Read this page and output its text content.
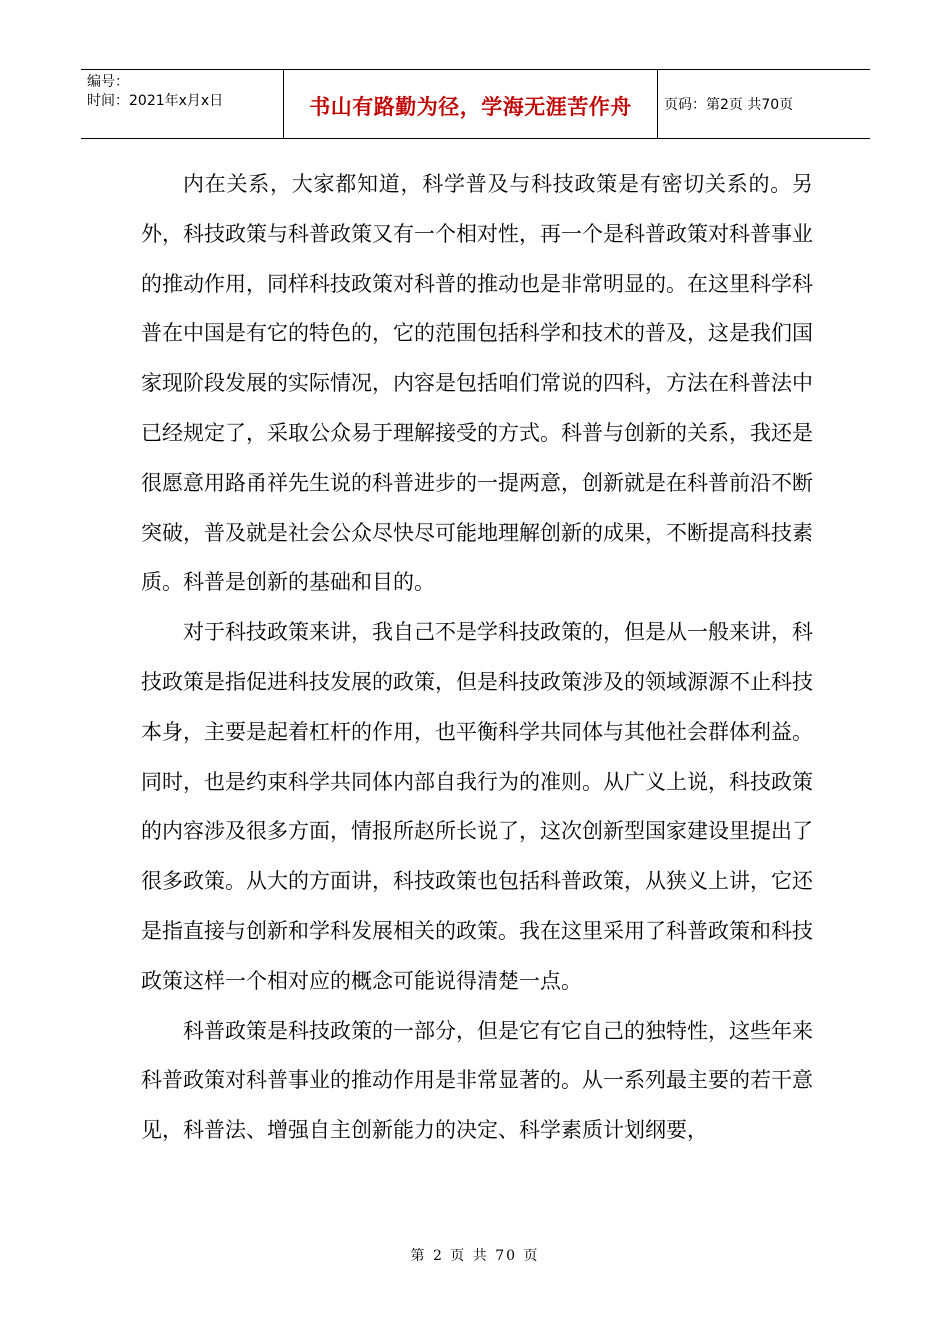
编号：
时间：2021年x月x日	书山有路勤为径，学海无涯苦作舟 页码：第2页 共70页

内在关系，大家都知道，科学普及与科技政策是有密切关系的。另外，科技政策与科普政策又有一个相对性，再一个是科普政策对科普事业的推动作用，同样科技政策对科普的推动也是非常明显的。在这里科学科普在中国是有它的特色的，它的范围包括科学和技术的普及，这是我们国家现阶段发展的实际情况，内容是包括咱们常说的四科，方法在科普法中已经规定了，采取公众易于理解接受的方式。科普与创新的关系，我还是很愿意用路甬祥先生说的科普进步的一提两意，创新就是在科普前沿不断突破，普及就是社会公众尽快尽可能地理解创新的成果，不断提高科技素质。科普是创新的基础和目的。

对于科技政策来讲，我自己不是学科技政策的，但是从一般来讲，科技政策是指促进科技发展的政策，但是科技政策涉及的领域源源不止科技本身，主要是起着杠杆的作用，也平衡科学共同体与其他社会群体利益。同时，也是约束科学共同体内部自我行为的准则。从广义上说，科技政策的内容涉及很多方面，情报所赵所长说了，这次创新型国家建设里提出了很多政策。从大的方面讲，科技政策也包括科普政策，从狭义上讲，它还是指直接与创新和学科发展相关的政策。我在这里采用了科普政策和科技政策这样一个相对应的概念可能说得清楚一点。

科普政策是科技政策的一部分，但是它有它自己的独特性，这些年来科普政策对科普事业的推动作用是非常显著的。从一系列最主要的若干意见，科普法、增强自主创新能力的决定、科学素质计划纲要，

第 2 页 共 70 页
